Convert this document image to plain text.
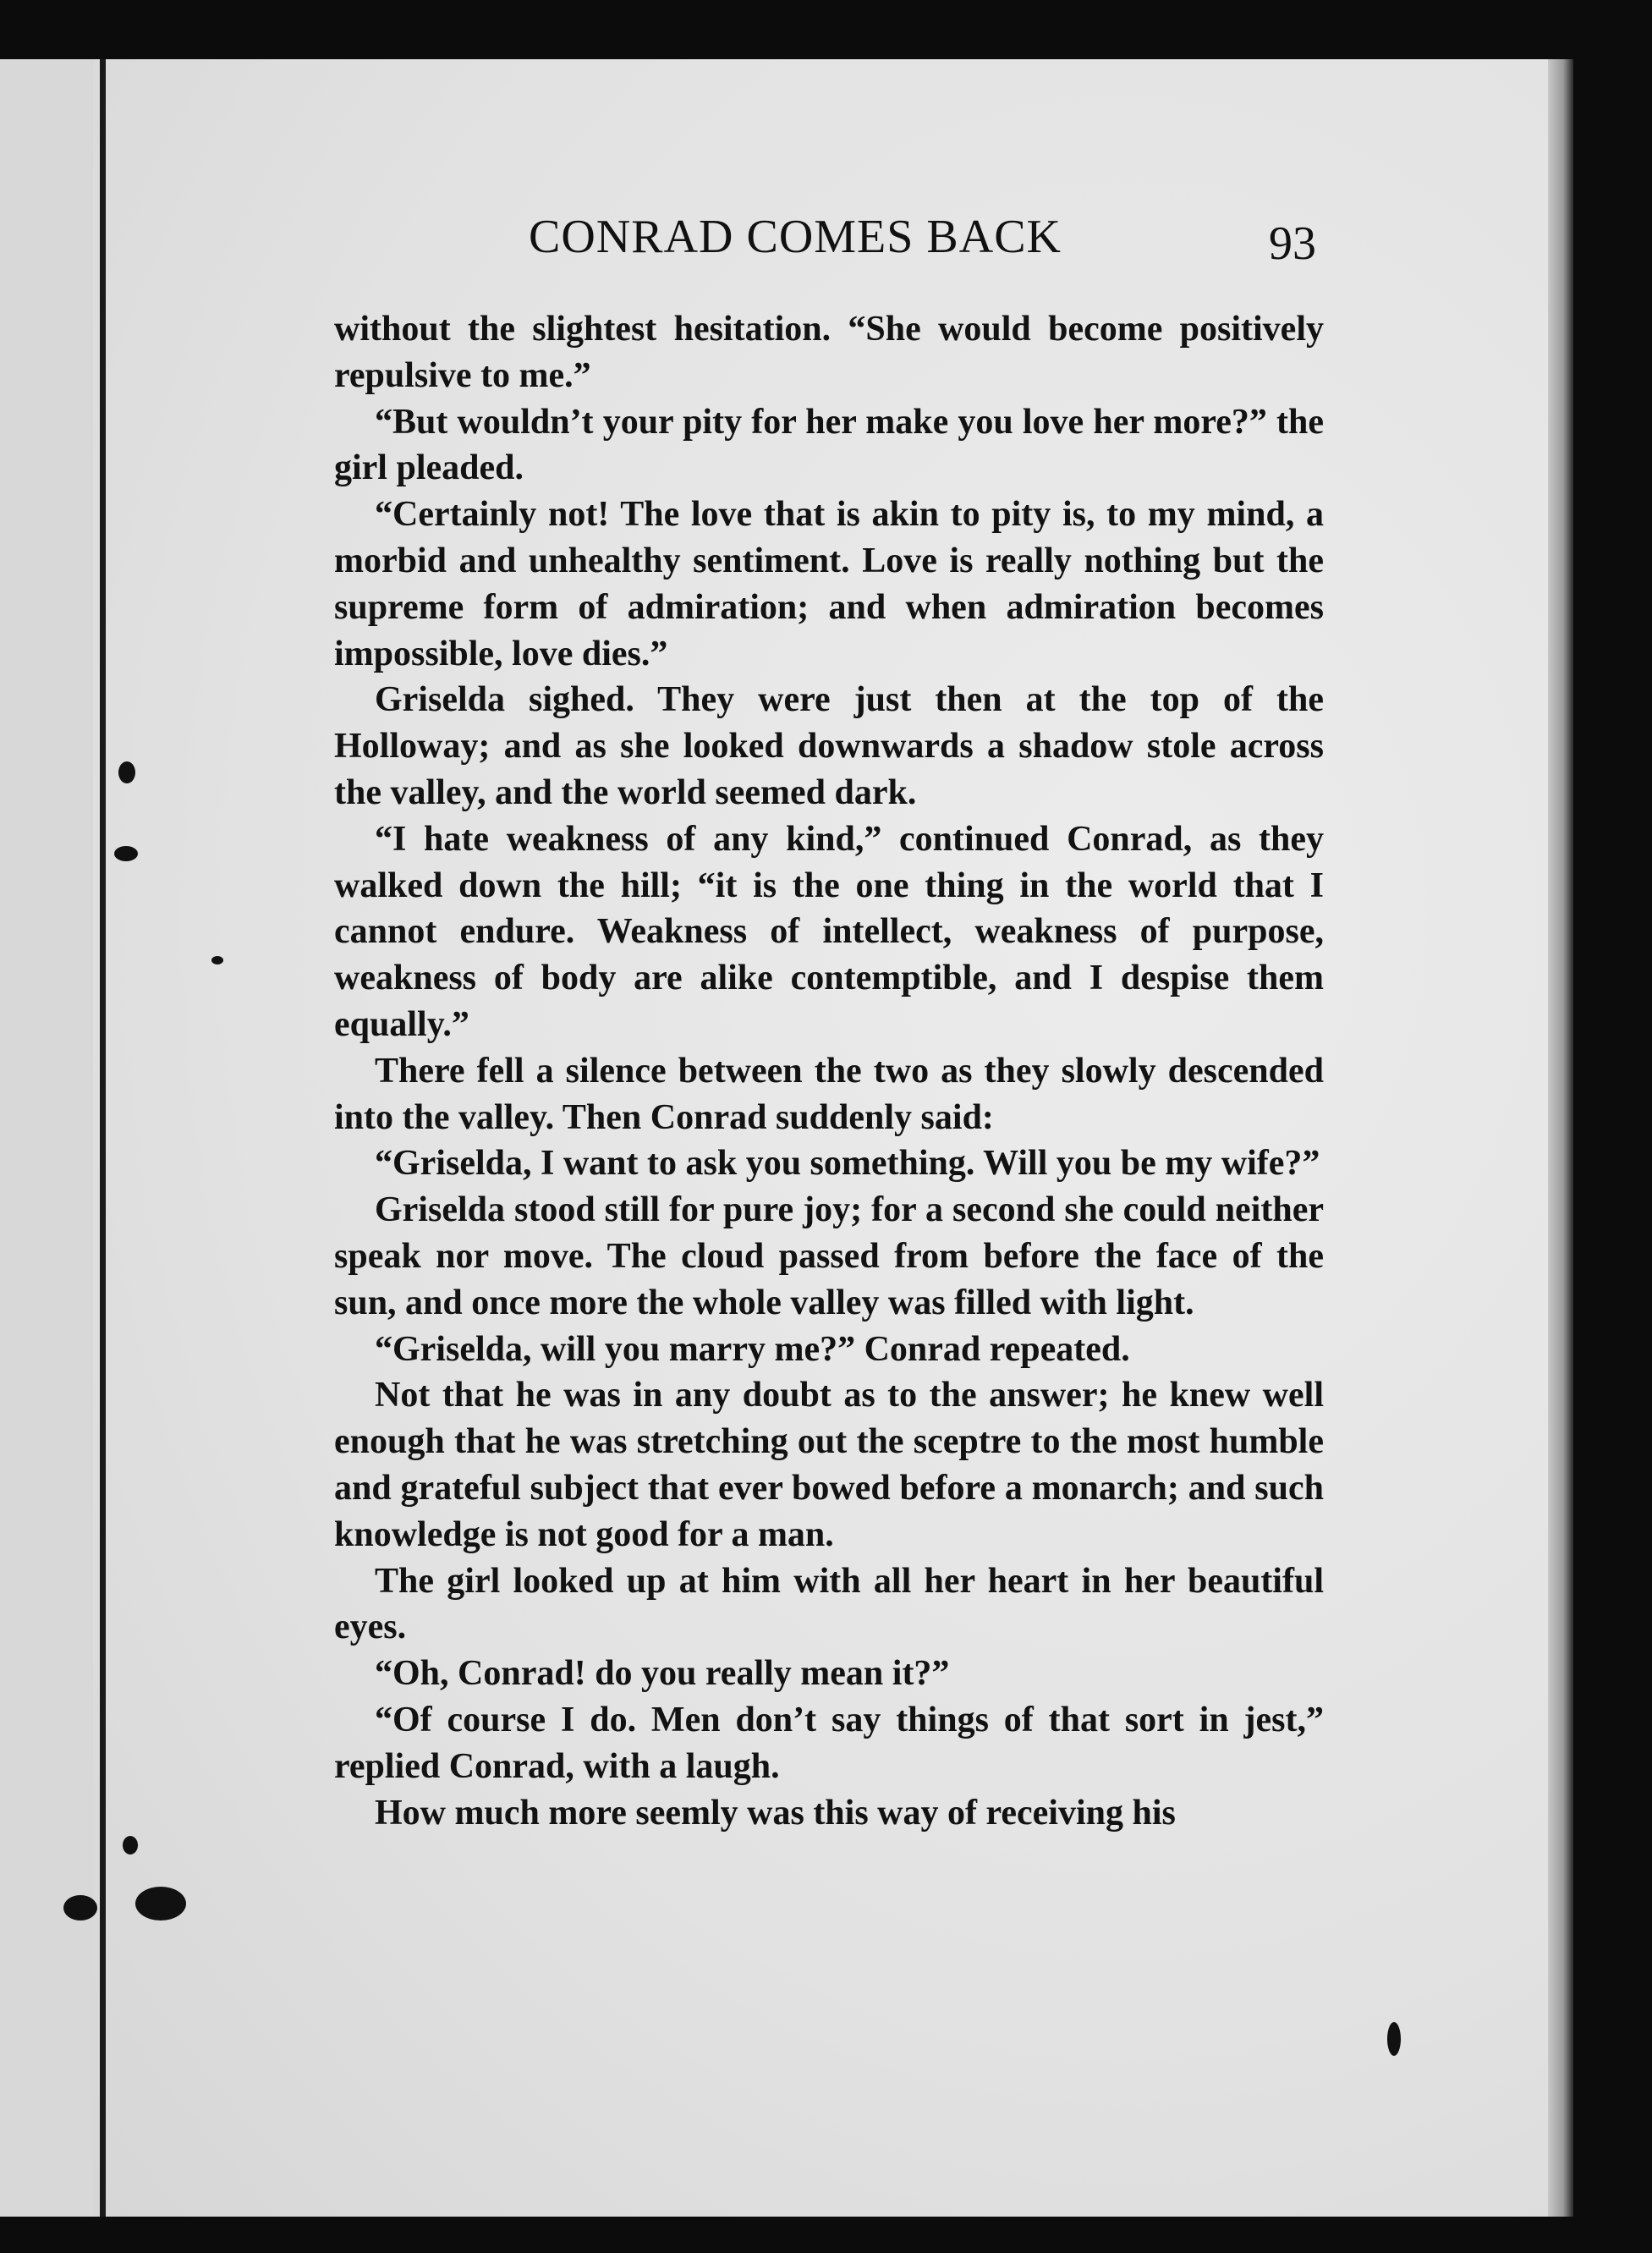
CONRAD COMES BACK	93

without the slightest hesitation. “She would become positively repulsive to me.”

“But wouldn’t your pity for her make you love her more?” the girl pleaded.

“Certainly not! The love that is akin to pity is, to my mind, a morbid and unhealthy sentiment. Love is really nothing but the supreme form of admiration; and when admiration becomes impossible, love dies.”

Griselda sighed. They were just then at the top of the Holloway; and as she looked downwards a shadow stole across the valley, and the world seemed dark.

“I hate weakness of any kind,” continued Conrad, as they walked down the hill; “it is the one thing in the world that I cannot endure. Weakness of intellect, weakness of purpose, weakness of body are alike contemptible, and I despise them equally.”

There fell a silence between the two as they slowly descended into the valley. Then Conrad suddenly said:

“Griselda, I want to ask you something. Will you be my wife?”

Griselda stood still for pure joy; for a second she could neither speak nor move. The cloud passed from before the face of the sun, and once more the whole valley was filled with light.

“Griselda, will you marry me?” Conrad repeated.

Not that he was in any doubt as to the answer; he knew well enough that he was stretching out the sceptre to the most humble and grateful subject that ever bowed before a monarch; and such knowledge is not good for a man.

The girl looked up at him with all her heart in her beautiful eyes.

“Oh, Conrad! do you really mean it?”

“Of course I do. Men don’t say things of that sort in jest,” replied Conrad, with a laugh.

How much more seemly was this way of receiving his
